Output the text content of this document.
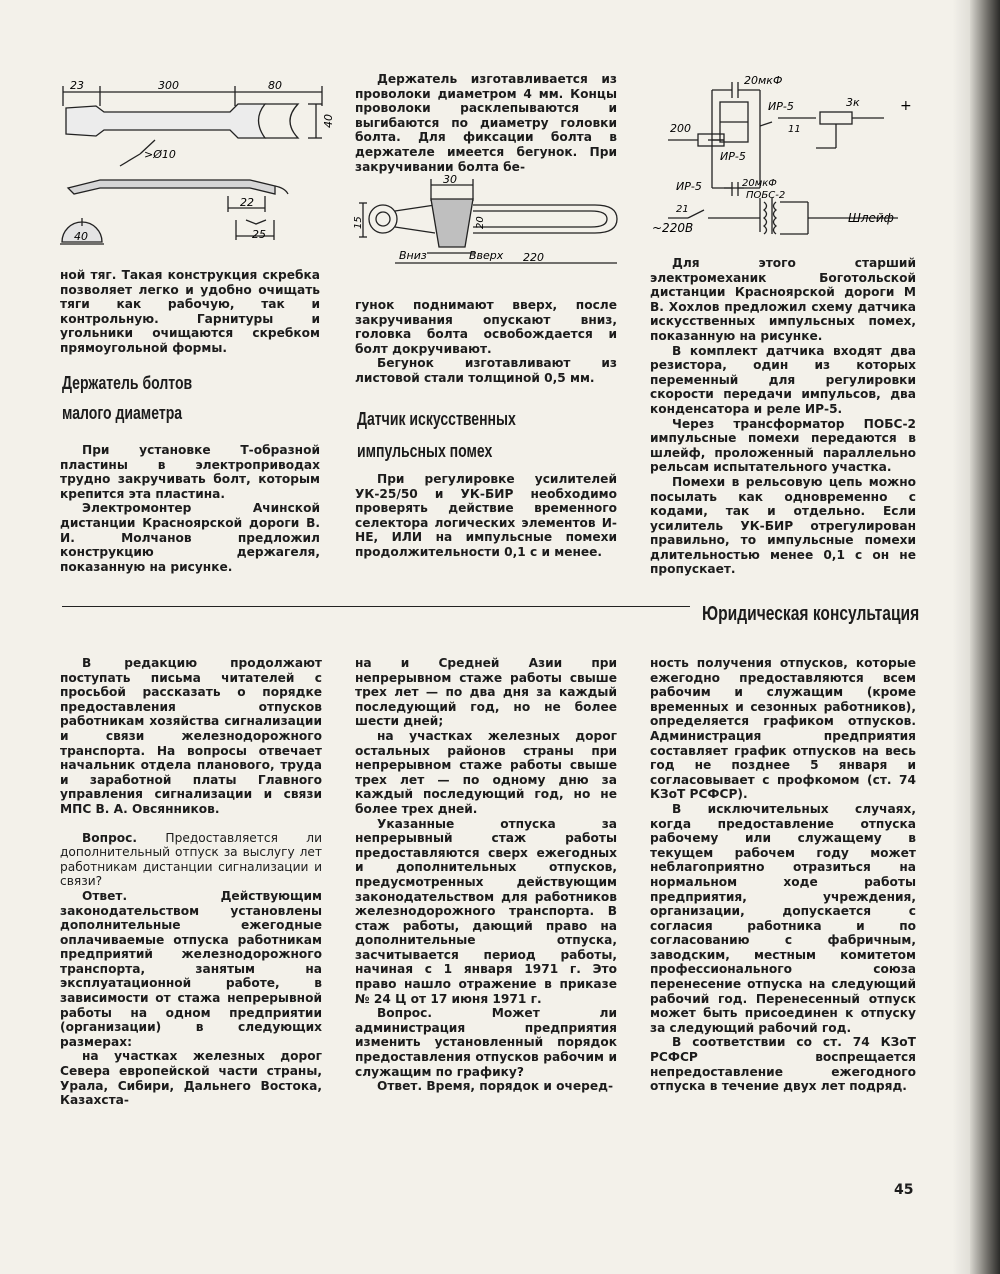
23	300	80
40
>Ø10
22
25
40
30
15	20
Вниз	Вверх 220
20мкФ
ИР-5	3к	+
200	11
ИР-5
ИР-5	20мкФ
ПОБС-2
21
~220В
Шлейф

ной тяг. Такая конструкция скребка позволяет легко и удобно очищать тяги как рабочую, так и контрольную. Гарнитуры и угольники очищаются скребком прямоугольной формы.

Держатель болтов
малого диаметра

При установке Т-образной пластины в электроприводах трудно закручивать болт, которым крепится эта пластина.

Электромонтер Ачинской дистанции Красноярской дороги В. И. Молчанов предложил конструкцию держагеля, показанную на рисунке.

Держатель изготавливается из проволоки диаметром 4 мм. Концы проволоки расклепываются и выгибаются по диаметру головки болта. Для фиксации болта в держателе имеется бегунок. При закручивании болта бе-

гунок поднимают вверх, после закручивания опускают вниз, головка болта освобождается и болт докручивают.

Бегунок изготавливают из листовой стали толщиной 0,5 мм.

Датчик искусственных
импульсных помех

При регулировке усилителей УК-25/50 и УК-БИР необходимо проверять действие временного селектора логических элементов И-НЕ, ИЛИ на импульсные помехи продолжительности 0,1 с и менее.

Для этого старший электромеханик Боготольской дистанции Красноярской дороги М В. Хохлов предложил схему датчика искусственных импульсных помех, показанную на рисунке.

В комплект датчика входят два резистора, один из которых переменный для регулировки скорости передачи импульсов, два конденсатора и реле ИР-5.

Через трансформатор ПОБС-2 импульсные помехи передаются в шлейф, проложенный параллельно рельсам испытательного участка.

Помехи в рельсовую цепь можно посылать как одновременно с кодами, так и отдельно. Если усилитель УК-БИР отрегулирован правильно, то импульсные помехи длительностью менее 0,1 с он не пропускает.

Юридическая консультация

В редакцию продолжают поступать письма читателей с просьбой рассказать о порядке предоставления отпусков работникам хозяйства сигнализации и связи железнодорожного транспорта. На вопросы отвечает начальник отдела планового, труда и заработной платы Главного управления сигнализации и связи МПС В. А. Овсянников.

Вопрос. Предоставляется ли дополнительный отпуск за выслугу лет работникам дистанции сигнализации и связи?

Ответ. Действующим законодательством установлены дополнительные ежегодные оплачиваемые отпуска работникам предприятий железнодорожного транспорта, занятым на эксплуатационной работе, в зависимости от стажа непрерывной работы на одном предприятии (организации) в следующих размерах:

на участках железных дорог Севера европейской части страны, Урала, Сибири, Дальнего Востока, Казахста-

на и Средней Азии при непрерывном стаже работы свыше трех лет — по два дня за каждый последующий год, но не более шести дней;

на участках железных дорог остальных районов страны при непрерывном стаже работы свыше трех лет — по одному дню за каждый последующий год, но не более трех дней.

Указанные отпуска за непрерывный стаж работы предоставляются сверх ежегодных и дополнительных отпусков, предусмотренных действующим законодательством для работников железнодорожного транспорта. В стаж работы, дающий право на дополнительные отпуска, засчитывается период работы, начиная с 1 января 1971 г. Это право нашло отражение в приказе № 24 Ц от 17 июня 1971 г.

Вопрос. Может ли администрация предприятия изменить установленный порядок предоставления отпусков рабочим и служащим по графику?

Ответ. Время, порядок и очеред-

ность получения отпусков, которые ежегодно предоставляются всем рабочим и служащим (кроме временных и сезонных работников), определяется графиком отпусков. Администрация предприятия составляет график отпусков на весь год не позднее 5 января и согласовывает с профкомом (ст. 74 КЗоТ РСФСР).

В исключительных случаях, когда предоставление отпуска рабочему или служащему в текущем рабочем году может неблагоприятно отразиться на нормальном ходе работы предприятия, учреждения, организации, допускается с согласия работника и по согласованию с фабричным, заводским, местным комитетом профессионального союза перенесение отпуска на следующий рабочий год. Перенесенный отпуск может быть присоединен к отпуску за следующий рабочий год.

В соответствии со ст. 74 КЗоТ РСФСР воспрещается непредоставление ежегодного отпуска в течение двух лет подряд.

45
